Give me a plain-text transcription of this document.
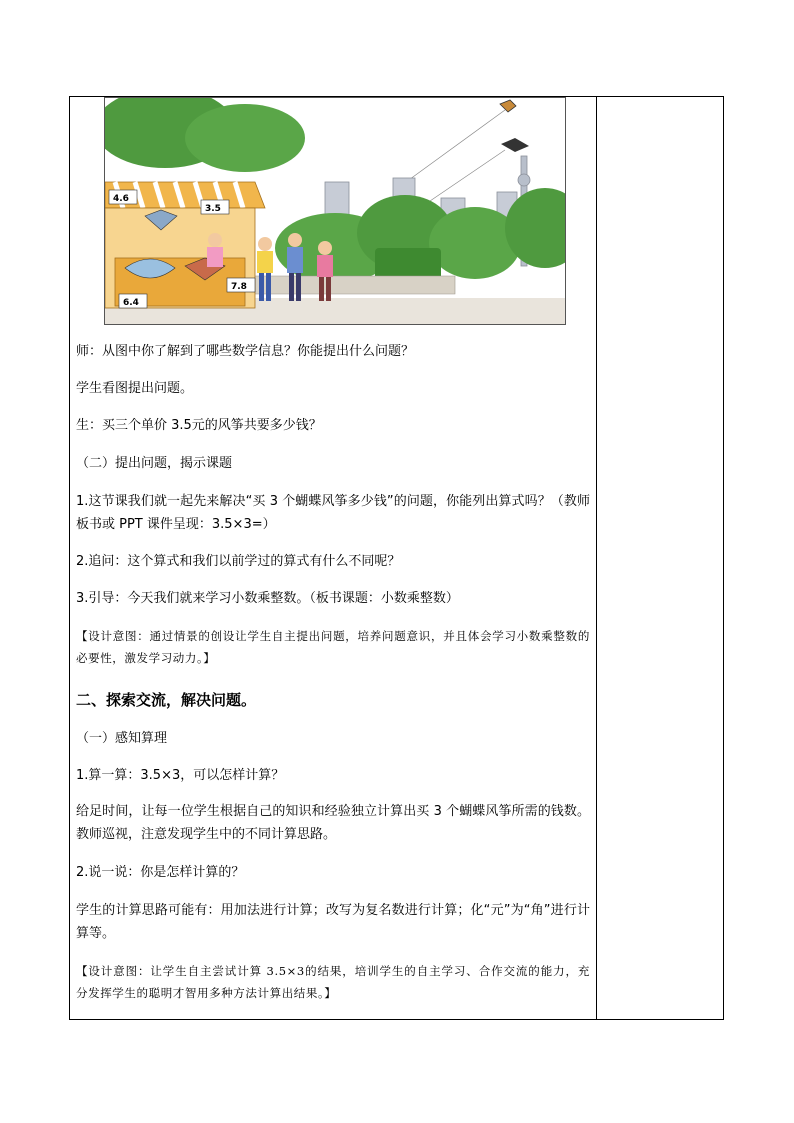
4.6
3.5
7.8
6.4
师：从图中你了解到了哪些数学信息？你能提出什么问题？
学生看图提出问题。
生：买三个单价 3.5元的风筝共要多少钱？
（二）提出问题，揭示课题
1.这节课我们就一起先来解决“买 3 个蝴蝶风筝多少钱”的问题，你能列出算式吗？（教师板书或 PPT 课件呈现：3.5×3=）
2.追问：这个算式和我们以前学过的算式有什么不同呢？
3.引导：今天我们就来学习小数乘整数。（板书课题：小数乘整数）
【设计意图：通过情景的创设让学生自主提出问题，培养问题意识，并且体会学习小数乘整数的必要性，激发学习动力。】
二、探索交流，解决问题。
（一）感知算理
1.算一算：3.5×3，可以怎样计算？
给足时间，让每一位学生根据自己的知识和经验独立计算出买 3 个蝴蝶风筝所需的钱数。教师巡视，注意发现学生中的不同计算思路。
2.说一说：你是怎样计算的？
学生的计算思路可能有：用加法进行计算；改写为复名数进行计算；化“元”为“角”进行计算等。
【设计意图：让学生自主尝试计算 3.5×3的结果，培训学生的自主学习、合作交流的能力，充分发挥学生的聪明才智用多种方法计算出结果。】
